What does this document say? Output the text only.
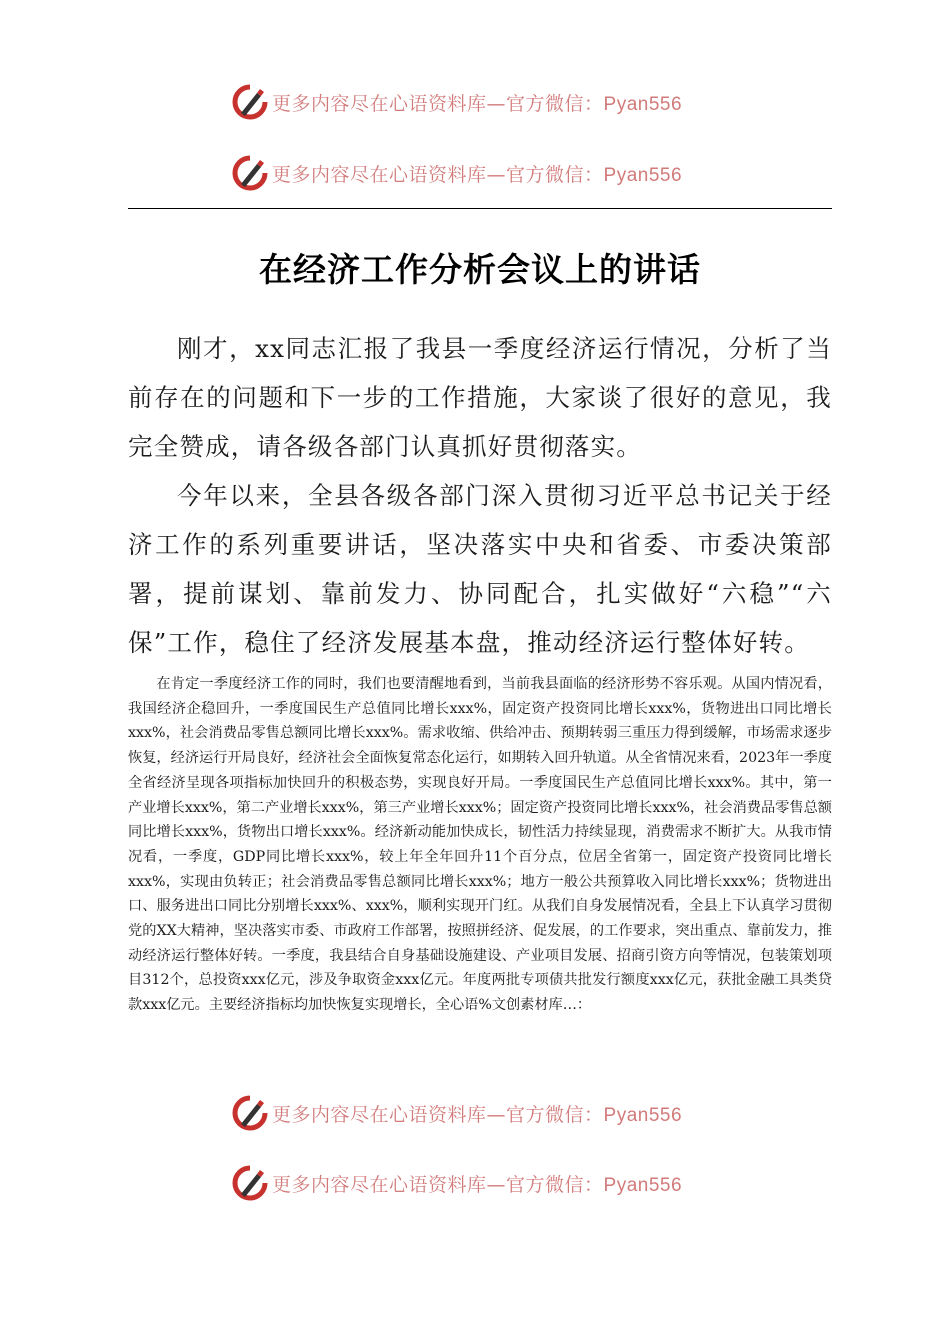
更多内容尽在心语资料库—官方微信：Pyan556
更多内容尽在心语资料库—官方微信：Pyan556
在经济工作分析会议上的讲话
刚才，xx同志汇报了我县一季度经济运行情况，分析了当前存在的问题和下一步的工作措施，大家谈了很好的意见，我完全赞成，请各级各部门认真抓好贯彻落实。
今年以来，全县各级各部门深入贯彻习近平总书记关于经济工作的系列重要讲话，坚决落实中央和省委、市委决策部署，提前谋划、靠前发力、协同配合，扎实做好“六稳”“六保”工作，稳住了经济发展基本盘，推动经济运行整体好转。
在肯定一季度经济工作的同时，我们也要清醒地看到，当前我县面临的经济形势不容乐观。从国内情况看，我国经济企稳回升，一季度国民生产总值同比增长xxx%，固定资产投资同比增长xxx%，货物进出口同比增长xxx%，社会消费品零售总额同比增长xxx%。需求收缩、供给冲击、预期转弱三重压力得到缓解，市场需求逐步恢复，经济运行开局良好，经济社会全面恢复常态化运行，如期转入回升轨道。从全省情况来看，2023年一季度全省经济呈现各项指标加快回升的积极态势，实现良好开局。一季度国民生产总值同比增长xxx%。其中，第一产业增长xxx%，第二产业增长xxx%，第三产业增长xxx%；固定资产投资同比增长xxx%，社会消费品零售总额同比增长xxx%，货物出口增长xxx%。经济新动能加快成长，韧性活力持续显现，消费需求不断扩大。从我市情况看，一季度，GDP同比增长xxx%，较上年全年回升11个百分点，位居全省第一，固定资产投资同比增长xxx%，实现由负转正；社会消费品零售总额同比增长xxx%；地方一般公共预算收入同比增长xxx%；货物进出口、服务进出口同比分别增长xxx%、xxx%，顺利实现开门红。从我们自身发展情况看，全县上下认真学习贯彻党的XX大精神，坚决落实市委、市政府工作部署，按照拼经济、促发展，的工作要求，突出重点、靠前发力，推动经济运行整体好转。一季度，我县结合自身基础设施建设、产业项目发展、招商引资方向等情况，包装策划项目312个，总投资xxx亿元，涉及争取资金xxx亿元。年度两批专项债共批发行额度xxx亿元，获批金融工具类贷款xxx亿元。主要经济指标均加快恢复实现增长，全心语%文创素材库…：
更多内容尽在心语资料库—官方微信：Pyan556
更多内容尽在心语资料库—官方微信：Pyan556
